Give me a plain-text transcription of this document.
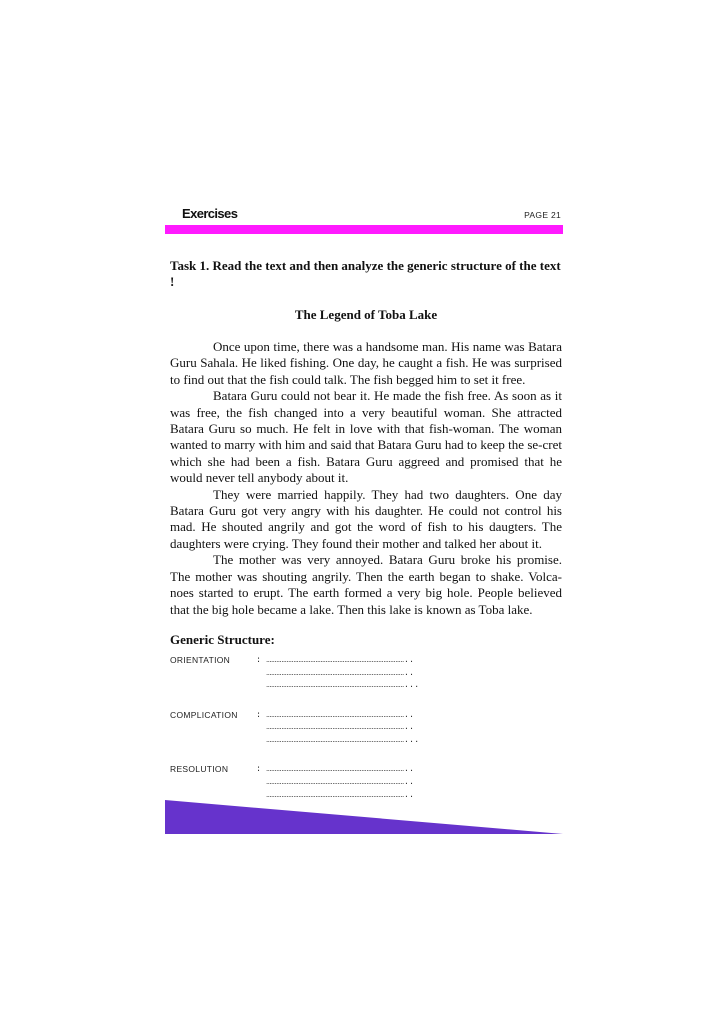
Exercises	PAGE 21

Task 1. Read the text and then analyze the generic structure of the text !

The Legend of Toba Lake

Once upon time, there was a handsome man. His name was Batara Guru Sahala. He liked fishing. One day, he caught a fish. He was surprised to find out that the fish could talk. The fish begged him to set it free.

Batara Guru could not bear it. He made the fish free. As soon as it was free, the fish changed into a very beautiful woman. She attracted Batara Guru so much. He felt in love with that fish-woman. The woman wanted to marry with him and said that Batara Guru had to keep the se-cret which she had been a fish. Batara Guru aggreed and promised that he would never tell anybody about it.

They were married happily. They had two daughters. One day Batara Guru got very angry with his daughter. He could not control his mad. He shouted angrily and got the word of fish to his daugters. The daughters were crying. They found their mother and talked her about it.

The mother was very annoyed. Batara Guru broke his promise. The mother was shouting angrily. Then the earth began to shake. Volca-noes started to erupt. The earth formed a very big hole. People believed that the big hole became a lake. Then this lake is known as Toba lake.

Generic Structure:

ORIENTATION	: ………………………………………………………………………..
………………………………………………………………………..
………………………………………………………………………...
COMPLICATION	: ………………………………………………………………………..
………………………………………………………………………..
………………………………………………………………………...
RESOLUTION	: ………………………………………………………………………..
………………………………………………………………………..
………………………………………………………………………..
